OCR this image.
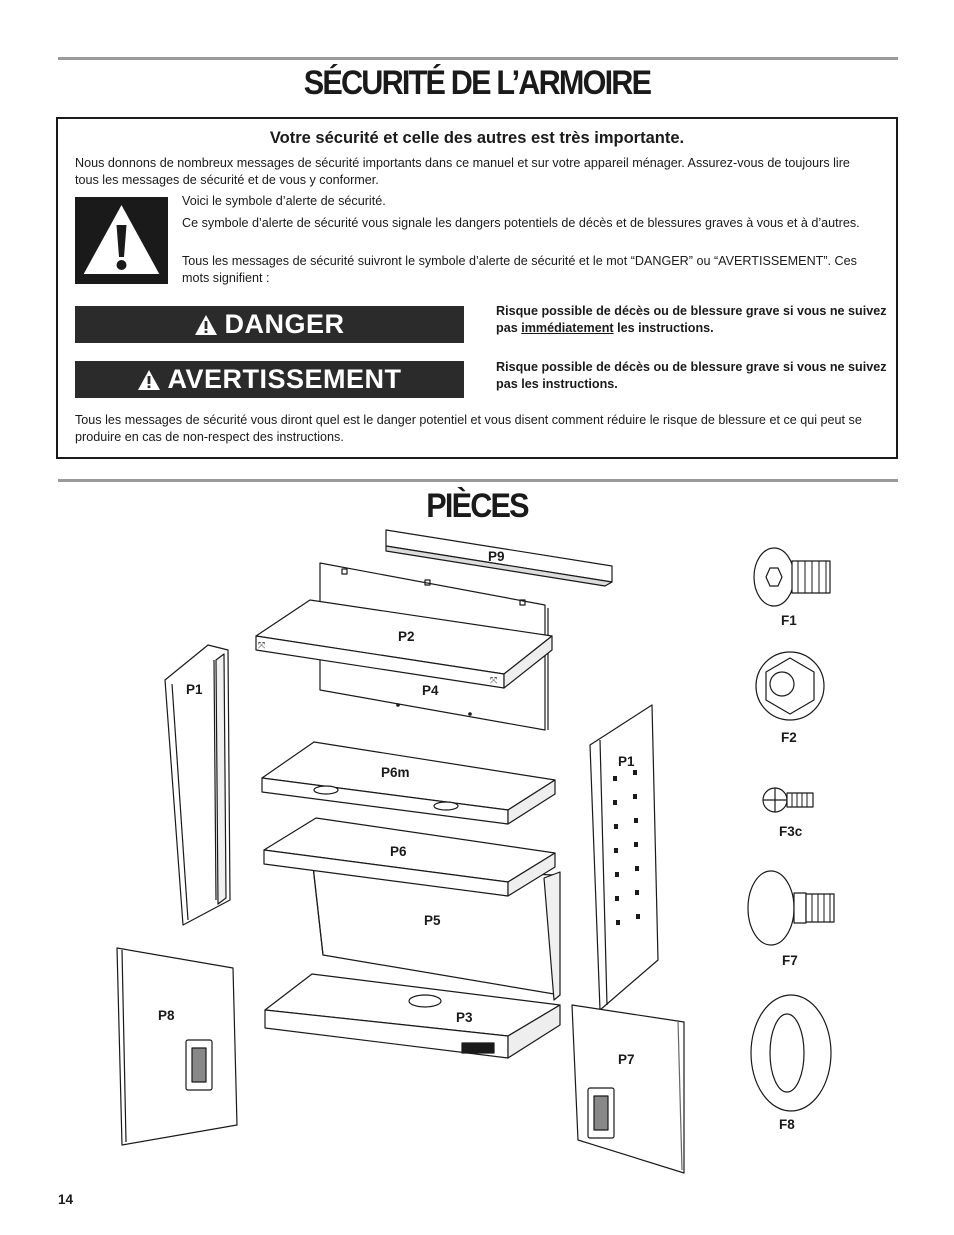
SÉCURITÉ DE L’ARMOIRE
Votre sécurité et celle des autres est très importante.
Nous donnons de nombreux messages de sécurité importants dans ce manuel et sur votre appareil ménager. Assurez-vous de toujours lire tous les messages de sécurité et de vous y conformer.
Voici le symbole d’alerte de sécurité.
Ce symbole d’alerte de sécurité vous signale les dangers potentiels de décès et de blessures graves à vous et à d’autres.
Tous les messages de sécurité suivront le symbole d’alerte de sécurité et le mot “DANGER” ou “AVERTISSEMENT”. Ces mots signifient :
DANGER	Risque possible de décès ou de blessure grave si vous ne suivez pas immédiatement les instructions.
AVERTISSEMENT	Risque possible de décès ou de blessure grave si vous ne suivez pas les instructions.
Tous les messages de sécurité vous diront quel est le danger potentiel et vous disent comment réduire le risque de blessure et ce qui peut se produire en cas de non-respect des instructions.
PIÈCES
⤧
⤧
P9
P2
P4
P1
P1
P6m
P6
P5
P8	P3
P7
F1
F2
F3c
F7
F8
14
